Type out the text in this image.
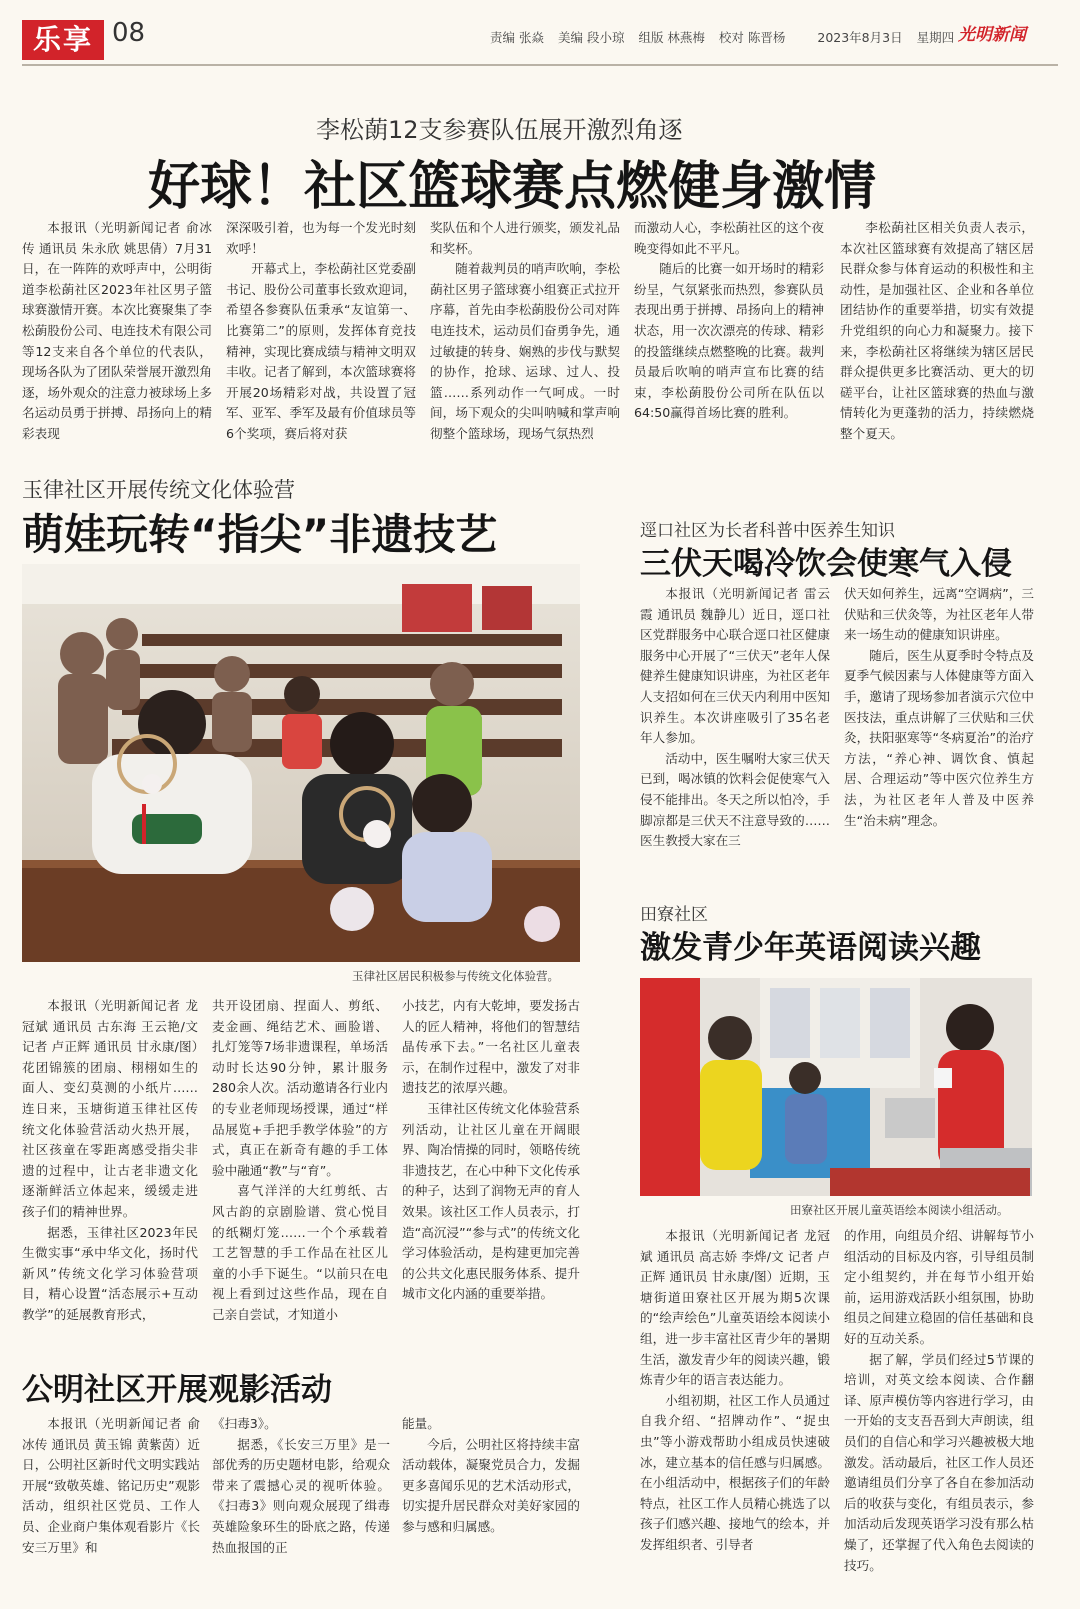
乐享 08	责编 张焱 美编 段小琼 组版 林燕梅 校对 陈晋杨	2023年8月3日 星期四 光明新闻
李松蓢12支参赛队伍展开激烈角逐
好球！社区篮球赛点燃健身激情

本报讯（光明新闻记者 俞冰传 通讯员 朱永欣 姚思倩）7月31日，在一阵阵的欢呼声中，公明街道李松蓢社区2023年社区男子篮球赛激情开赛。本次比赛聚集了李松蓢股份公司、电连技术有限公司等12支来自各个单位的代表队，现场各队为了团队荣誉展开激烈角逐，场外观众的注意力被球场上多名运动员勇于拼搏、昂扬向上的精彩表现

深深吸引着，也为每一个发光时刻欢呼！

开幕式上，李松蓢社区党委副书记、股份公司董事长致欢迎词，希望各参赛队伍秉承“友谊第一、比赛第二”的原则，发挥体育竞技精神，实现比赛成绩与精神文明双丰收。记者了解到，本次篮球赛将开展20场精彩对战，共设置了冠军、亚军、季军及最有价值球员等6个奖项，赛后将对获

奖队伍和个人进行颁奖，颁发礼品和奖杯。

随着裁判员的哨声吹响，李松蓢社区男子篮球赛小组赛正式拉开序幕，首先由李松蓢股份公司对阵电连技术，运动员们奋勇争先，通过敏捷的转身、娴熟的步伐与默契的协作，抢球、运球、过人、投篮……系列动作一气呵成。一时间，场下观众的尖叫呐喊和掌声响彻整个篮球场，现场气氛热烈

而激动人心，李松蓢社区的这个夜晚变得如此不平凡。

随后的比赛一如开场时的精彩纷呈，气氛紧张而热烈，参赛队员表现出勇于拼搏、昂扬向上的精神状态，用一次次漂亮的传球、精彩的投篮继续点燃整晚的比赛。裁判员最后吹响的哨声宣布比赛的结束，李松蓢股份公司所在队伍以64:50赢得首场比赛的胜利。

李松蓢社区相关负责人表示，本次社区篮球赛有效提高了辖区居民群众参与体育运动的积极性和主动性，是加强社区、企业和各单位团结协作的重要举措，切实有效提升党组织的向心力和凝聚力。接下来，李松蓢社区将继续为辖区居民群众提供更多比赛活动、更大的切磋平台，让社区篮球赛的热血与激情转化为更蓬勃的活力，持续燃烧整个夏天。

玉律社区开展传统文化体验营
萌娃玩转“指尖”非遗技艺
玉律社区居民积极参与传统文化体验营。

本报讯（光明新闻记者 龙冠斌 通讯员 古东海 王云艳/文 记者 卢正辉 通讯员 甘永康/图）花团锦簇的团扇、栩栩如生的面人、变幻莫测的小纸片……连日来，玉塘街道玉律社区传统文化体验营活动火热开展，社区孩童在零距离感受指尖非遗的过程中，让古老非遗文化逐渐鲜活立体起来，缓缓走进孩子们的精神世界。

据悉，玉律社区2023年民生微实事“承中华文化，扬时代新风”传统文化学习体验营项目，精心设置“活态展示+互动教学”的延展教育形式，

共开设团扇、捏面人、剪纸、麦金画、绳结艺术、画脸谱、扎灯笼等7场非遗课程，单场活动时长达90分钟，累计服务280余人次。活动邀请各行业内的专业老师现场授课，通过“样品展览+手把手教学体验”的方式，真正在新奇有趣的手工体验中融通“教”与“育”。

喜气洋洋的大红剪纸、古风古韵的京剧脸谱、赏心悦目的纸糊灯笼……一个个承载着工艺智慧的手工作品在社区儿童的小手下诞生。“以前只在电视上看到过这些作品，现在自己亲自尝试，才知道小

小技艺，内有大乾坤，要发扬古人的匠人精神，将他们的智慧结晶传承下去。”一名社区儿童表示，在制作过程中，激发了对非遗技艺的浓厚兴趣。

玉律社区传统文化体验营系列活动，让社区儿童在开阔眼界、陶冶情操的同时，领略传统非遗技艺，在心中种下文化传承的种子，达到了润物无声的育人效果。该社区工作人员表示，打造“高沉浸”“参与式”的传统文化学习体验活动，是构建更加完善的公共文化惠民服务体系、提升城市文化内涵的重要举措。

逕口社区为长者科普中医养生知识
三伏天喝冷饮会使寒气入侵

本报讯（光明新闻记者 雷云霞 通讯员 魏静儿）近日，逕口社区党群服务中心联合逕口社区健康服务中心开展了“三伏天”老年人保健养生健康知识讲座，为社区老年人支招如何在三伏天内利用中医知识养生。本次讲座吸引了35名老年人参加。

活动中，医生嘱咐大家三伏天已到，喝冰镇的饮料会促使寒气入侵不能排出。冬天之所以怕冷，手脚凉都是三伏天不注意导致的……医生教授大家在三

伏天如何养生，远离“空调病”，三伏贴和三伏灸等，为社区老年人带来一场生动的健康知识讲座。

随后，医生从夏季时令特点及夏季气候因素与人体健康等方面入手，邀请了现场参加者演示穴位中医技法，重点讲解了三伏贴和三伏灸，扶阳驱寒等“冬病夏治”的治疗方法，“养心神、调饮食、慎起居、合理运动”等中医穴位养生方法，为社区老年人普及中医养生“治未病”理念。

田寮社区
激发青少年英语阅读兴趣
田寮社区开展儿童英语绘本阅读小组活动。

本报讯（光明新闻记者 龙冠斌 通讯员 高志娇 李烨/文 记者 卢正辉 通讯员 甘永康/图）近期，玉塘街道田寮社区开展为期5次课的“绘声绘色”儿童英语绘本阅读小组，进一步丰富社区青少年的暑期生活，激发青少年的阅读兴趣，锻炼青少年的语言表达能力。

小组初期，社区工作人员通过自我介绍、“招牌动作”、“捉虫虫”等小游戏帮助小组成员快速破冰，建立基本的信任感与归属感。在小组活动中，根据孩子们的年龄特点，社区工作人员精心挑选了以孩子们感兴趣、接地气的绘本，并发挥组织者、引导者

的作用，向组员介绍、讲解每节小组活动的目标及内容，引导组员制定小组契约，并在每节小组开始前，运用游戏活跃小组氛围，协助组员之间建立稳固的信任基础和良好的互动关系。

据了解，学员们经过5节课的培训，对英文绘本阅读、合作翻译、原声模仿等内容进行学习，由一开始的支支吾吾到大声朗读，组员们的自信心和学习兴趣被极大地激发。活动最后，社区工作人员还邀请组员们分享了各自在参加活动后的收获与变化，有组员表示，参加活动后发现英语学习没有那么枯燥了，还掌握了代入角色去阅读的技巧。

公明社区开展观影活动

本报讯（光明新闻记者 俞冰传 通讯员 黄玉锦 黄紫茵）近日，公明社区新时代文明实践站开展“致敬英雄、铭记历史”观影活动，组织社区党员、工作人员、企业商户集体观看影片《长安三万里》和

《扫毒3》。

据悉，《长安三万里》是一部优秀的历史题材电影，给观众带来了震撼心灵的视听体验。《扫毒3》则向观众展现了缉毒英雄险象环生的卧底之路，传递热血报国的正

能量。

今后，公明社区将持续丰富活动载体，凝聚党员合力，发掘更多喜闻乐见的艺术活动形式，切实提升居民群众对美好家园的参与感和归属感。
